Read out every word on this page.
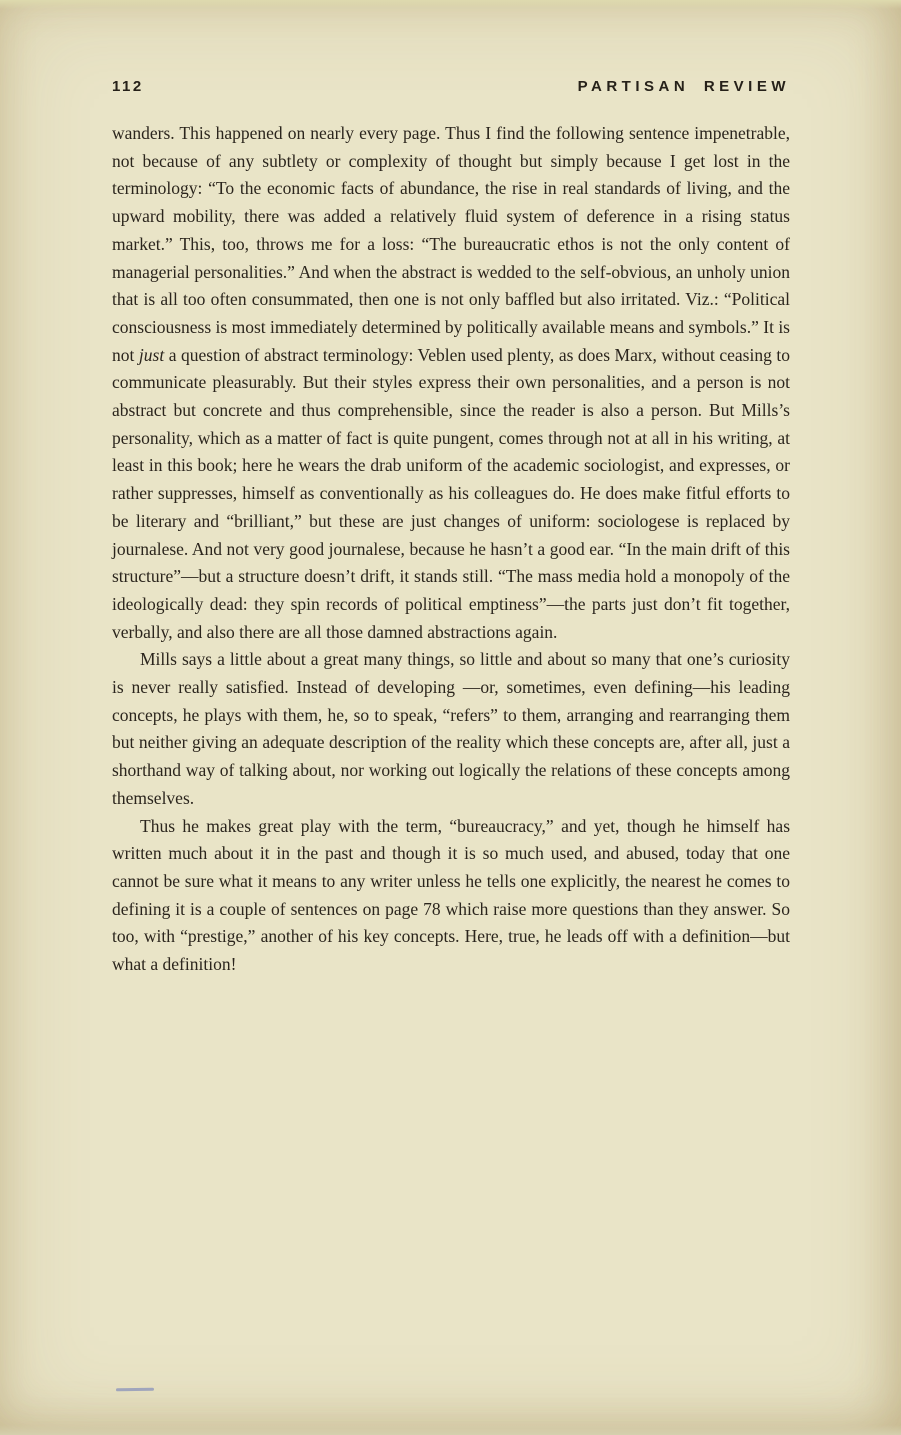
112	PARTISAN REVIEW

wanders. This happened on nearly every page. Thus I find the following sentence impenetrable, not because of any subtlety or complexity of thought but simply because I get lost in the terminology: “To the economic facts of abundance, the rise in real standards of living, and the upward mobility, there was added a relatively fluid system of deference in a rising status market.” This, too, throws me for a loss: “The bureaucratic ethos is not the only content of managerial personalities.” And when the abstract is wedded to the self-obvious, an unholy union that is all too often consummated, then one is not only baffled but also irritated. Viz.: “Political consciousness is most immediately determined by politically available means and symbols.” It is not just a question of abstract terminology: Veblen used plenty, as does Marx, without ceasing to communicate pleasurably. But their styles express their own personalities, and a person is not abstract but concrete and thus comprehensible, since the reader is also a person. But Mills’s personality, which as a matter of fact is quite pungent, comes through not at all in his writing, at least in this book; here he wears the drab uniform of the academic sociologist, and expresses, or rather suppresses, himself as conventionally as his colleagues do. He does make fitful efforts to be literary and “brilliant,” but these are just changes of uniform: sociologese is replaced by journalese. And not very good journalese, because he hasn’t a good ear. “In the main drift of this structure”—but a structure doesn’t drift, it stands still. “The mass media hold a monopoly of the ideologically dead: they spin records of political emptiness”—the parts just don’t fit together, verbally, and also there are all those damned abstractions again.

Mills says a little about a great many things, so little and about so many that one’s curiosity is never really satisfied. Instead of developing —or, sometimes, even defining—his leading concepts, he plays with them, he, so to speak, “refers” to them, arranging and rearranging them but neither giving an adequate description of the reality which these concepts are, after all, just a shorthand way of talking about, nor working out logically the relations of these concepts among themselves.

Thus he makes great play with the term, “bureaucracy,” and yet, though he himself has written much about it in the past and though it is so much used, and abused, today that one cannot be sure what it means to any writer unless he tells one explicitly, the nearest he comes to defining it is a couple of sentences on page 78 which raise more questions than they answer. So too, with “prestige,” another of his key concepts. Here, true, he leads off with a definition—but what a definition!
